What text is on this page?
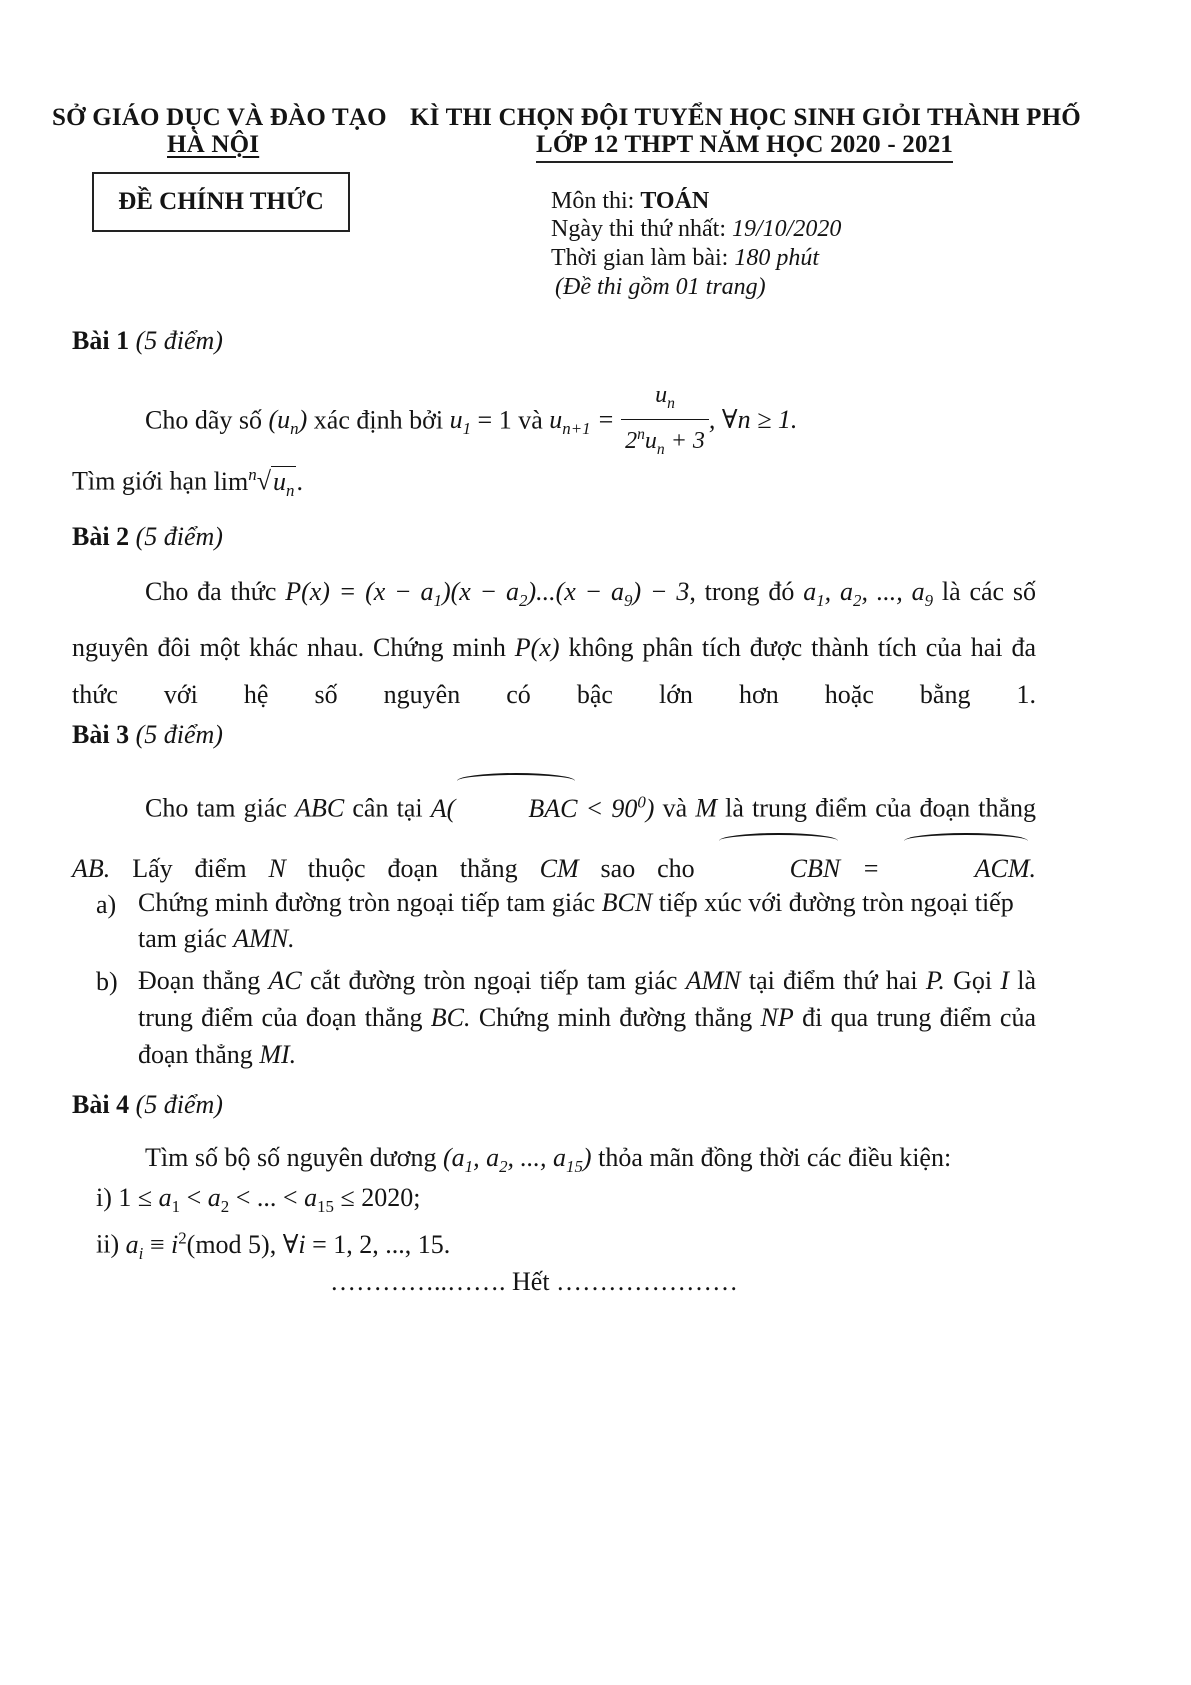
SỞ GIÁO DỤC VÀ ĐÀO TẠO
HÀ NỘI
KÌ THI CHỌN ĐỘI TUYỂN HỌC SINH GIỎI THÀNH PHỐ
LỚP 12 THPT NĂM HỌC 2020 - 2021
ĐỀ CHÍNH THỨC	Môn thi: TOÁN
Ngày thi thứ nhất: 19/10/2020
Thời gian làm bài: 180 phút
(Đề thi gồm 01 trang)
Bài 1 (5 điểm)
Cho dãy số $(u_n)$ xác định bởi $u_1 = 1$ và $u_{n+1} = \frac{u_n}{2^nu_n + 3}$ , ∀n ≥ 1.
Tìm giới hạn $\lim^n√u_n$.
Bài 2 (5 điểm)
Cho đa thức $P(x) = (x - a_1)(x - a_2)...(x - a_9) - 3$, trong đó $a_1$, $a_2$, ..., $a_9$ là các số nguyên đôi một khác nhau. Chứng minh P(x) không phân tích được thành tích của hai đa thức với hệ số nguyên có bậc lớn hơn hoặc bằng 1.
Bài 3 (5 điểm)
Cho tam giác ABC cân tại A(	BAC < $90^0$) và M là trung điểm của đoạn thẳng AB. Lấy điểm N thuộc đoạn thẳng CM sao cho	CBN =	ACM.
a) Chứng minh đường tròn ngoại tiếp tam giác BCN tiếp xúc với đường tròn ngoại tiếp tam giác AMN.
b) Đoạn thẳng AC cắt đường tròn ngoại tiếp tam giác AMN tại điểm thứ hai P. Gọi I là trung điểm của đoạn thẳng BC. Chứng minh đường thẳng NP đi qua trung điểm của đoạn thẳng MI.
Bài 4 (5 điểm)
Tìm số bộ số nguyên dương ($a_1$, $a_2$, ..., $a_{15}$) thỏa mãn đồng thời các điều kiện:
i) $1 \le a_1 < a_2$ < ... < $a_{15} \le 2020$;
ii) $a_i \equiv i^2(mod$ 5), ∀i = 1, 2, ..., 15.
…………..……. Hết …………………
